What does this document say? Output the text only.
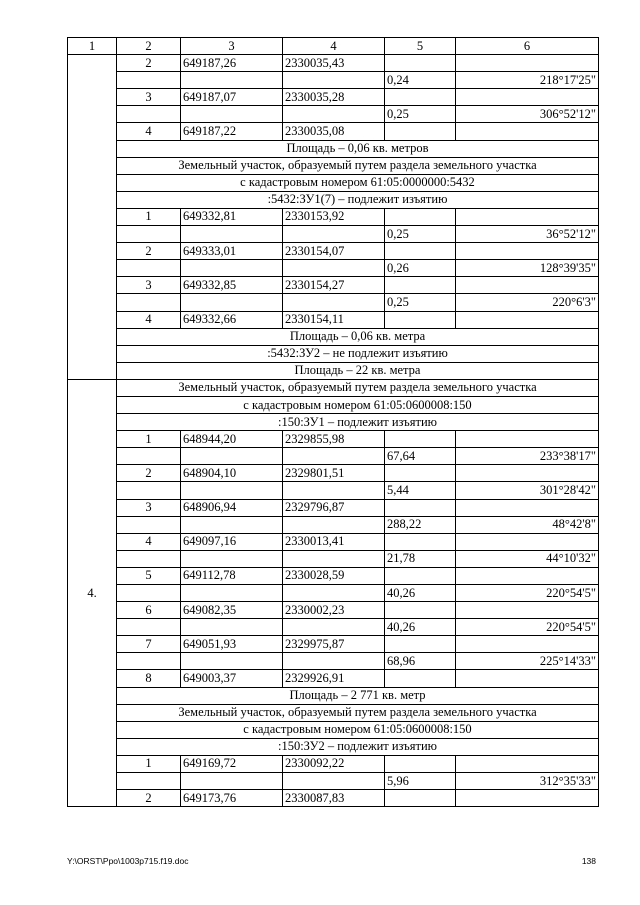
1	2	3	4	5	6
	2	649187,26	2330035,43		
				0,24	218°17'25"
	3	649187,07	2330035,28		
				0,25	306°52'12"
	4	649187,22	2330035,08		
	Площадь – 0,06 кв. метров				
	Земельный участок, образуемый путем раздела земельного участка				
	с кадастровым номером 61:05:0000000:5432				
	:5432:ЗУ1(7) – подлежит изъятию				
	1	649332,81	2330153,92		
				0,25	36°52'12"
	2	649333,01	2330154,07		
				0,26	128°39'35"
	3	649332,85	2330154,27		
				0,25	220°6'3"
	4	649332,66	2330154,11		
	Площадь – 0,06 кв. метра				
	:5432:ЗУ2 – не подлежит изъятию				
	Площадь – 22 кв. метра				
4.	Земельный участок, образуемый путем раздела земельного участка				
	с кадастровым номером 61:05:0600008:150				
	:150:ЗУ1 – подлежит изъятию				
	1	648944,20	2329855,98		
				67,64	233°38'17"
	2	648904,10	2329801,51		
				5,44	301°28'42"
	3	648906,94	2329796,87		
				288,22	48°42'8"
	4	649097,16	2330013,41		
				21,78	44°10'32"
	5	649112,78	2330028,59		
				40,26	220°54'5"
	6	649082,35	2330002,23		
				40,26	220°54'5"
	7	649051,93	2329975,87		
				68,96	225°14'33"
	8	649003,37	2329926,91		
	Площадь – 2 771 кв. метр				
	Земельный участок, образуемый путем раздела земельного участка				
	с кадастровым номером 61:05:0600008:150				
	:150:ЗУ2 – подлежит изъятию				
	1	649169,72	2330092,22		
				5,96	312°35'33"
	2	649173,76	2330087,83		
Y:\ORST\Ppo\1003p715.f19.doc	138
